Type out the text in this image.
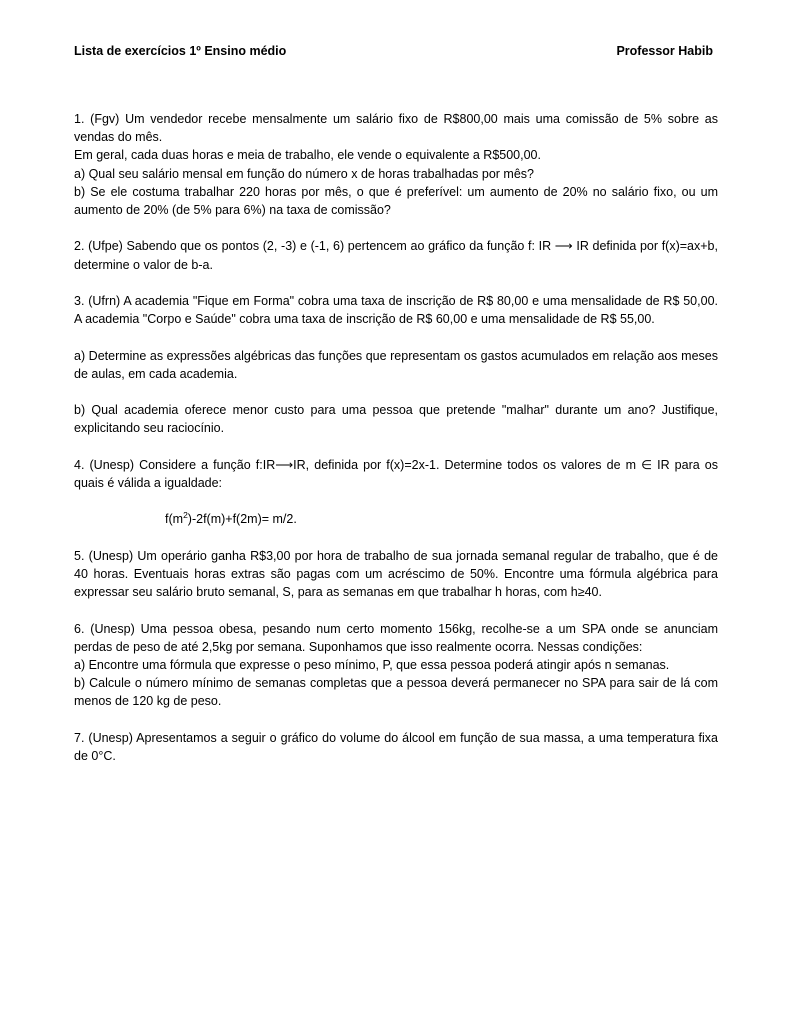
Lista de exercícios 1º Ensino médio	Professor Habib

1. (Fgv) Um vendedor recebe mensalmente um salário fixo de R$800,00 mais uma comissão de 5% sobre as vendas do mês.

Em geral, cada duas horas e meia de trabalho, ele vende o equivalente a R$500,00.

a) Qual seu salário mensal em função do número x de horas trabalhadas por mês?

b) Se ele costuma trabalhar 220 horas por mês, o que é preferível: um aumento de 20% no salário fixo, ou um aumento de 20% (de 5% para 6%) na taxa de comissão?

2. (Ufpe) Sabendo que os pontos (2, -3) e (-1, 6) pertencem ao gráfico da função f: IR ⟶ IR definida por f(x)=ax+b, determine o valor de b-a.

3. (Ufrn) A academia "Fique em Forma" cobra uma taxa de inscrição de R$ 80,00 e uma mensalidade de R$ 50,00. A academia "Corpo e Saúde" cobra uma taxa de inscrição de R$ 60,00 e uma mensalidade de R$ 55,00.

a) Determine as expressões algébricas das funções que representam os gastos acumulados em relação aos meses de aulas, em cada academia.

b) Qual academia oferece menor custo para uma pessoa que pretende "malhar" durante um ano? Justifique, explicitando seu raciocínio.

4. (Unesp) Considere a função f:IR⟶IR, definida por f(x)=2x-1. Determine todos os valores de m ∈ IR para os quais é válida a igualdade:

$f(m^2)-2f(m)+f(2m)= m/2$.

5. (Unesp) Um operário ganha R$3,00 por hora de trabalho de sua jornada semanal regular de trabalho, que é de 40 horas. Eventuais horas extras são pagas com um acréscimo de 50%. Encontre uma fórmula algébrica para expressar seu salário bruto semanal, S, para as semanas em que trabalhar h horas, com h≥40.

6. (Unesp) Uma pessoa obesa, pesando num certo momento 156kg, recolhe-se a um SPA onde se anunciam perdas de peso de até 2,5kg por semana. Suponhamos que isso realmente ocorra. Nessas condições:

a) Encontre uma fórmula que expresse o peso mínimo, P, que essa pessoa poderá atingir após n semanas.

b) Calcule o número mínimo de semanas completas que a pessoa deverá permanecer no SPA para sair de lá com menos de 120 kg de peso.

7. (Unesp) Apresentamos a seguir o gráfico do volume do álcool em função de sua massa, a uma temperatura fixa de 0°C.
